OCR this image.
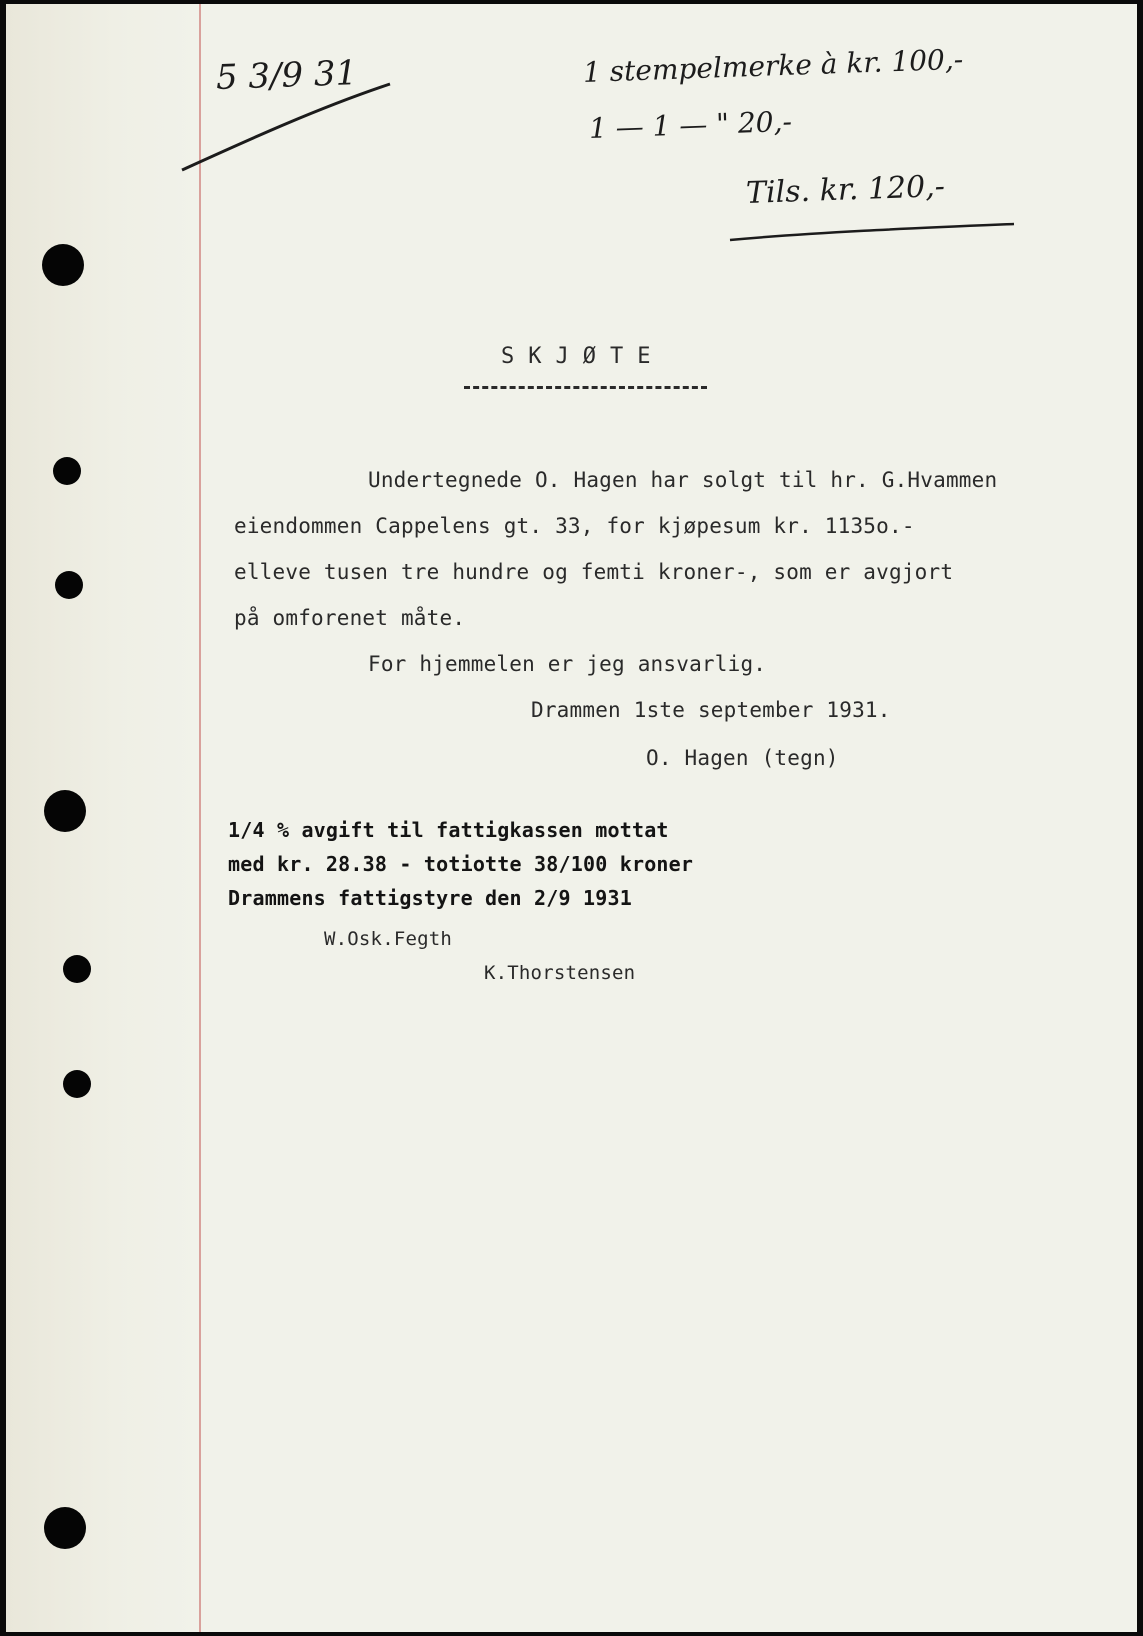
5 3/9 31	1 stempelmerke à kr. 100,-
1 — 1 — " 20,-
Tils. kr. 120,-
SKJØTE
Undertegnede O. Hagen har solgt til hr. G.Hvammen
eiendommen Cappelens gt. 33, for kjøpesum kr. 1135o.-
elleve tusen tre hundre og femti kroner-, som er avgjort
på omforenet måte.
For hjemmelen er jeg ansvarlig.
Drammen 1ste september 1931.
O. Hagen (tegn)
1/4 % avgift til fattigkassen mottat
med kr. 28.38 - totiotte 38/100 kroner
Drammens fattigstyre den 2/9 1931
W.Osk.Fegth
K.Thorstensen
